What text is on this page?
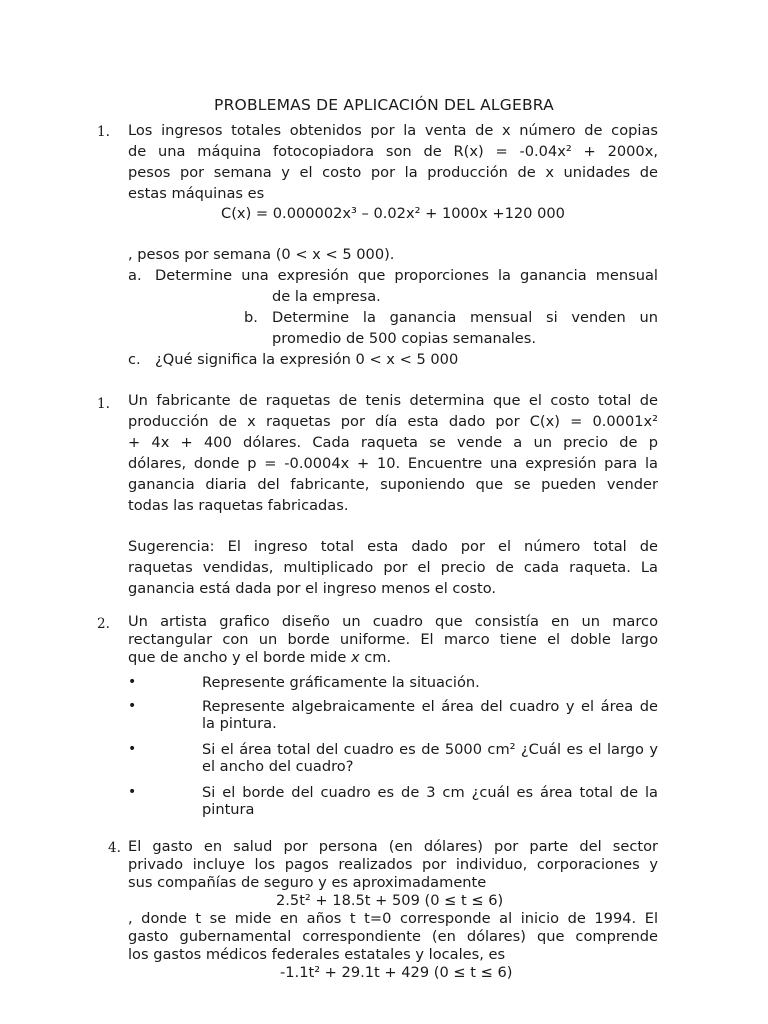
PROBLEMAS DE APLICACIÓN DEL ALGEBRA
1. Los ingresos totales obtenidos por la venta de x número de copias
de una máquina fotocopiadora son de R(x) = -0.04x² + 2000x,
pesos por semana y el costo por la producción de x unidades de
estas máquinas es
C(x) = 0.000002x³ – 0.02x² + 1000x +120 000
, pesos por semana (0 < x < 5 000).
a. Determine una expresión que proporciones la ganancia mensual
de la empresa.
b. Determine la ganancia mensual si venden un
promedio de 500 copias semanales.
c. ¿Qué significa la expresión 0 < x < 5 000
1. Un fabricante de raquetas de tenis determina que el costo total de
producción de x raquetas por día esta dado por C(x) = 0.0001x²
+ 4x + 400 dólares. Cada raqueta se vende a un precio de p
dólares, donde p = -0.0004x + 10. Encuentre una expresión para la
ganancia diaria del fabricante, suponiendo que se pueden vender
todas las raquetas fabricadas.
Sugerencia: El ingreso total esta dado por el número total de
raquetas vendidas, multiplicado por el precio de cada raqueta. La
ganancia está dada por el ingreso menos el costo.
2. Un artista grafico diseño un cuadro que consistía en un marco
rectangular con un borde uniforme. El marco tiene el doble largo
que de ancho y el borde mide x cm.
•	Represente gráficamente la situación.
•	Represente algebraicamente el área del cuadro y el área de la pintura.
•	Si el área total del cuadro es de 5000 cm² ¿Cuál es el largo y el ancho del cuadro?
•	Si el borde del cuadro es de 3 cm ¿cuál es área total de la pintura
4. El gasto en salud por persona (en dólares) por parte del sector
privado incluye los pagos realizados por individuo, corporaciones y
sus compañías de seguro y es aproximadamente
2.5t² + 18.5t + 509 (0 ≤ t ≤ 6)
, donde t se mide en años t t=0 corresponde al inicio de 1994. El
gasto gubernamental correspondiente (en dólares) que comprende
los gastos médicos federales estatales y locales, es
-1.1t² + 29.1t + 429 (0 ≤ t ≤ 6)
